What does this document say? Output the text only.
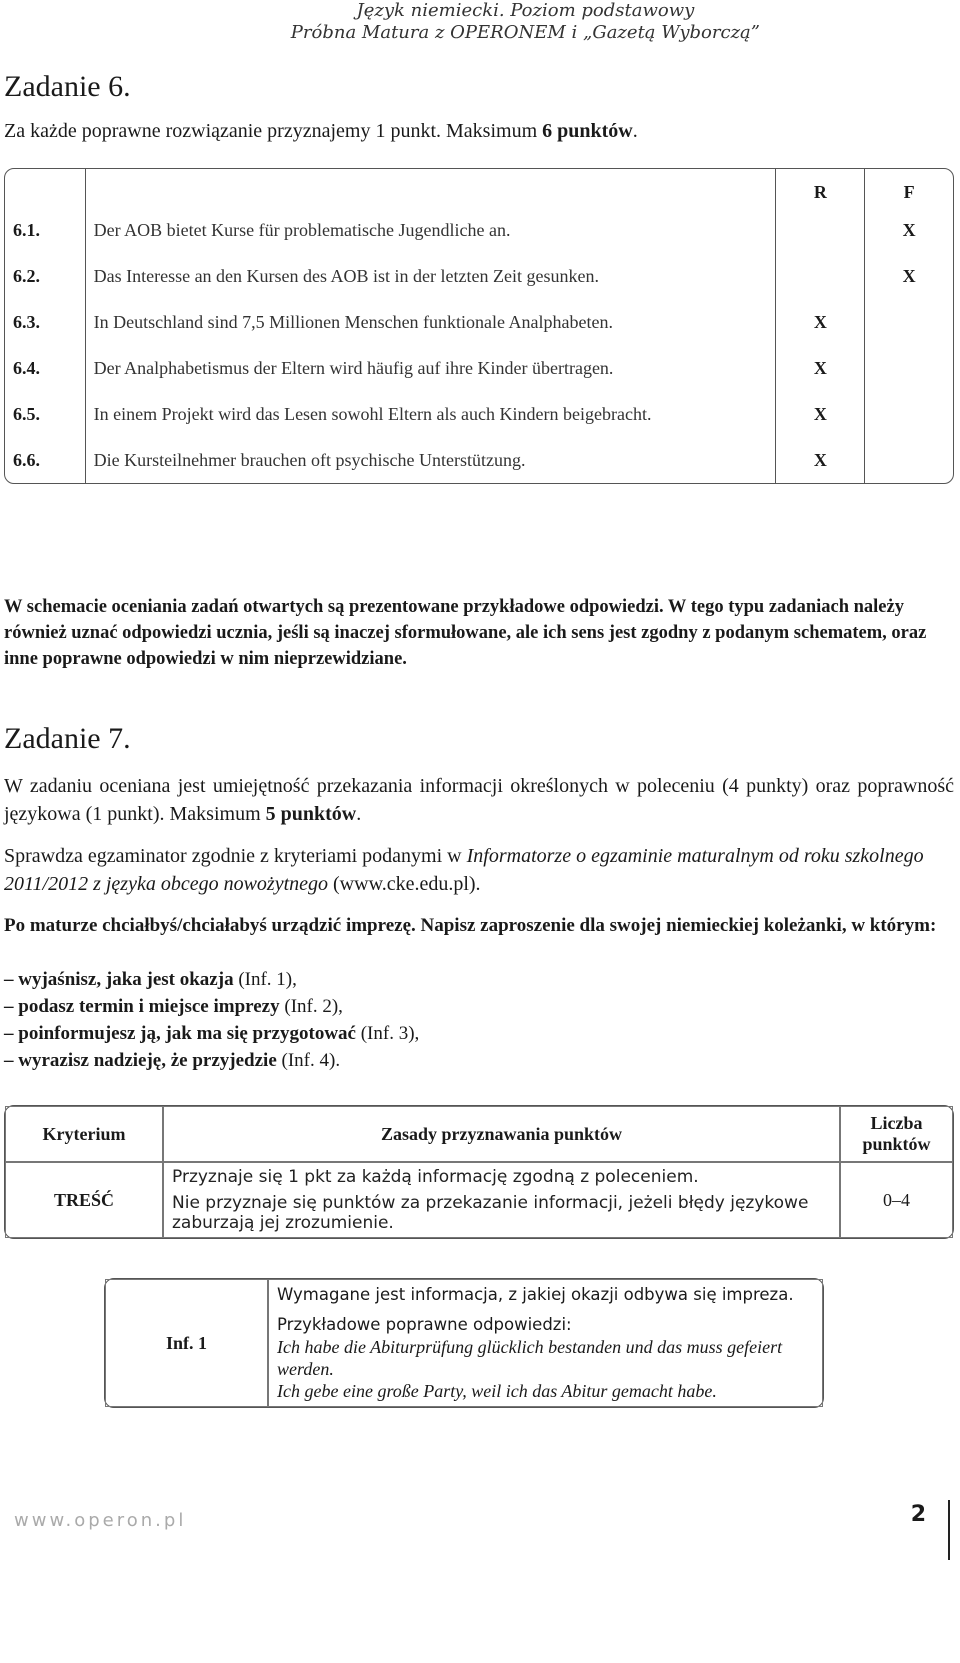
Język niemiecki. Poziom podstawowy
Próbna Matura z OPERONEM i „Gazetą Wyborczą”
Zadanie 6.

Za każde poprawne rozwiązanie przyznajemy 1 punkt. Maksimum 6 punktów.

		R	F
6.1.	Der AOB bietet Kurse für problematische Jugendliche an.		X
6.2.	Das Interesse an den Kursen des AOB ist in der letzten Zeit gesunken.		X
6.3.	In Deutschland sind 7,5 Millionen Menschen funktionale Analphabeten.	X	
6.4.	Der Analphabetismus der Eltern wird häufig auf ihre Kinder übertragen.	X	
6.5.	In einem Projekt wird das Lesen sowohl Eltern als auch Kindern beigebracht.	X	
6.6.	Die Kursteilnehmer brauchen oft psychische Unterstützung.	X	

W schemacie oceniania zadań otwartych są prezentowane przykładowe odpowiedzi. W tego typu zadaniach należy również uznać odpowiedzi ucznia, jeśli są inaczej sformułowane, ale ich sens jest zgodny z podanym schematem, oraz inne poprawne odpowiedzi w nim nieprzewidziane.

Zadanie 7.

W zadaniu oceniana jest umiejętność przekazania informacji określonych w poleceniu (4 punkty) oraz poprawność językowa (1 punkt). Maksimum 5 punktów.

Sprawdza egzaminator zgodnie z kryteriami podanymi w Informatorze o egzaminie maturalnym od roku szkolnego 2011/2012 z języka obcego nowożytnego (www.cke.edu.pl).

Po maturze chciałbyś/chciałabyś urządzić imprezę. Napisz zaproszenie dla swojej niemieckiej koleżanki, w którym:

– wyjaśnisz, jaka jest okazja (Inf. 1),
– podasz termin i miejsce imprezy (Inf. 2),
– poinformujesz ją, jak ma się przygotować (Inf. 3),
– wyrazisz nadzieję, że przyjedzie (Inf. 4).
Kryterium	Zasady przyznawania punktów	Liczba punktów
TREŚĆ	Przyznaje się 1 pkt za każdą informację zgodną z poleceniem.
Nie przyznaje się punktów za przekazanie informacji, jeżeli błędy językowe zaburzają jej zrozumienie.	0–4
Inf. 1	
Wymagane jest informacja, z jakiej okazji odbywa się impreza.
Przykładowe poprawne odpowiedzi:
Ich habe die Abiturprüfung glücklich bestanden und das muss gefeiert werden.
Ich gebe eine große Party, weil ich das Abitur gemacht habe.
www.operon.pl	2
